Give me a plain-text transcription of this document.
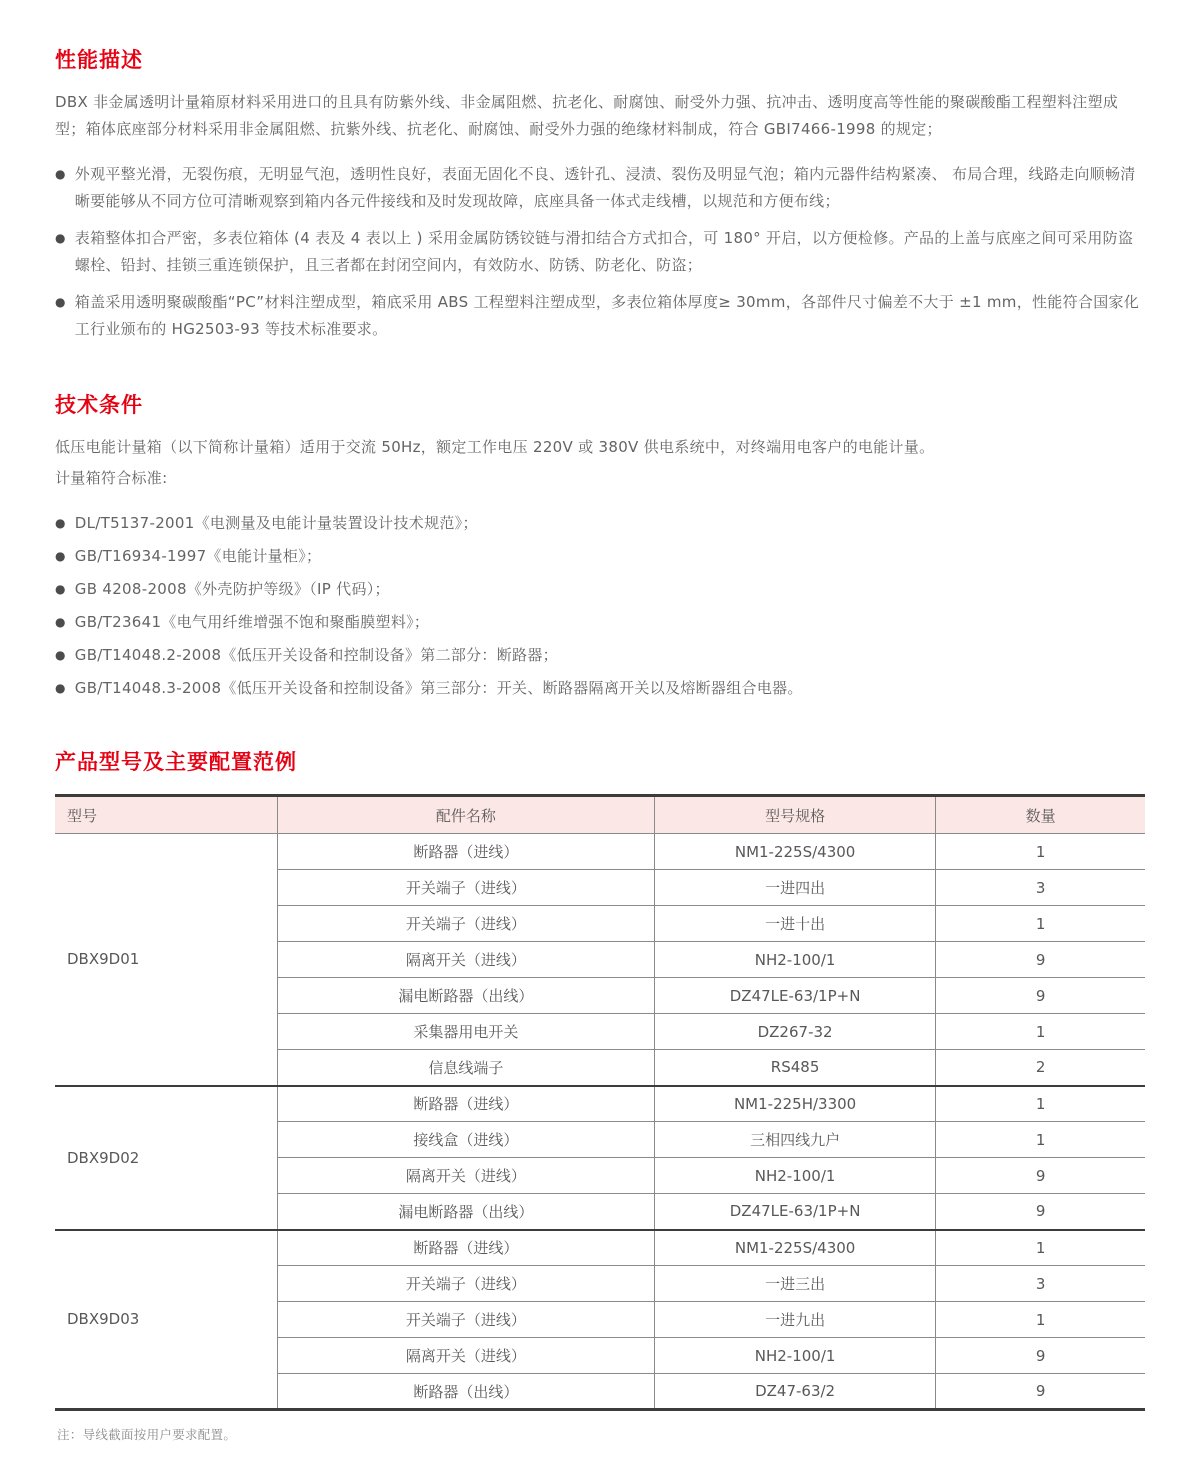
性能描述

DBX 非金属透明计量箱原材料采用进口的且具有防紫外线、非金属阻燃、抗老化、耐腐蚀、耐受外力强、抗冲击、透明度高等性能的聚碳酸酯工程塑料注塑成型；箱体底座部分材料采用非金属阻燃、抗紫外线、抗老化、耐腐蚀、耐受外力强的绝缘材料制成，符合 GBI7466-1998 的规定；

● 外观平整光滑，无裂伤痕，无明显气泡，透明性良好，表面无固化不良、透针孔、浸渍、裂伤及明显气泡；箱内元器件结构紧凑、 布局合理，线路走向顺畅清晰要能够从不同方位可清晰观察到箱内各元件接线和及时发现故障，底座具备一体式走线槽，以规范和方便布线；
● 表箱整体扣合严密，多表位箱体 (4 表及 4 表以上 ) 采用金属防锈铰链与滑扣结合方式扣合，可 180° 开启，以方便检修。产品的上盖与底座之间可采用防盗螺栓、铅封、挂锁三重连锁保护，且三者都在封闭空间内，有效防水、防锈、防老化、防盗；
● 箱盖采用透明聚碳酸酯“PC”材料注塑成型，箱底采用 ABS 工程塑料注塑成型，多表位箱体厚度≥ 30mm，各部件尺寸偏差不大于 ±1 mm，性能符合国家化工行业颁布的 HG2503-93 等技术标准要求。
技术条件

低压电能计量箱（以下简称计量箱）适用于交流 50Hz，额定工作电压 220V 或 380V 供电系统中，对终端用电客户的电能计量。

计量箱符合标准:

● DL/T5137-2001《电测量及电能计量装置设计技术规范》；
● GB/T16934-1997《电能计量柜》；
● GB 4208-2008《外壳防护等级》（IP 代码）；
● GB/T23641《电气用纤维增强不饱和聚酯膜塑料》；
● GB/T14048.2-2008《低压开关设备和控制设备》第二部分：断路器；
● GB/T14048.3-2008《低压开关设备和控制设备》第三部分：开关、断路器隔离开关以及熔断器组合电器。
产品型号及主要配置范例
型号	配件名称	型号规格	数量
DBX9D01	断路器（进线）	NM1-225S/4300	1
	开关端子（进线）	一进四出	3
	开关端子（进线）	一进十出	1
	隔离开关（进线）	NH2-100/1	9
	漏电断路器（出线）	DZ47LE-63/1P+N	9
	采集器用电开关	DZ267-32	1
	信息线端子	RS485	2
DBX9D02	断路器（进线）	NM1-225H/3300	1
	接线盒（进线）	三相四线九户	1
	隔离开关（进线）	NH2-100/1	9
	漏电断路器（出线）	DZ47LE-63/1P+N	9
DBX9D03	断路器（进线）	NM1-225S/4300	1
	开关端子（进线）	一进三出	3
	开关端子（进线）	一进九出	1
	隔离开关（进线）	NH2-100/1	9
	断路器（出线）	DZ47-63/2	9

注：导线截面按用户要求配置。
